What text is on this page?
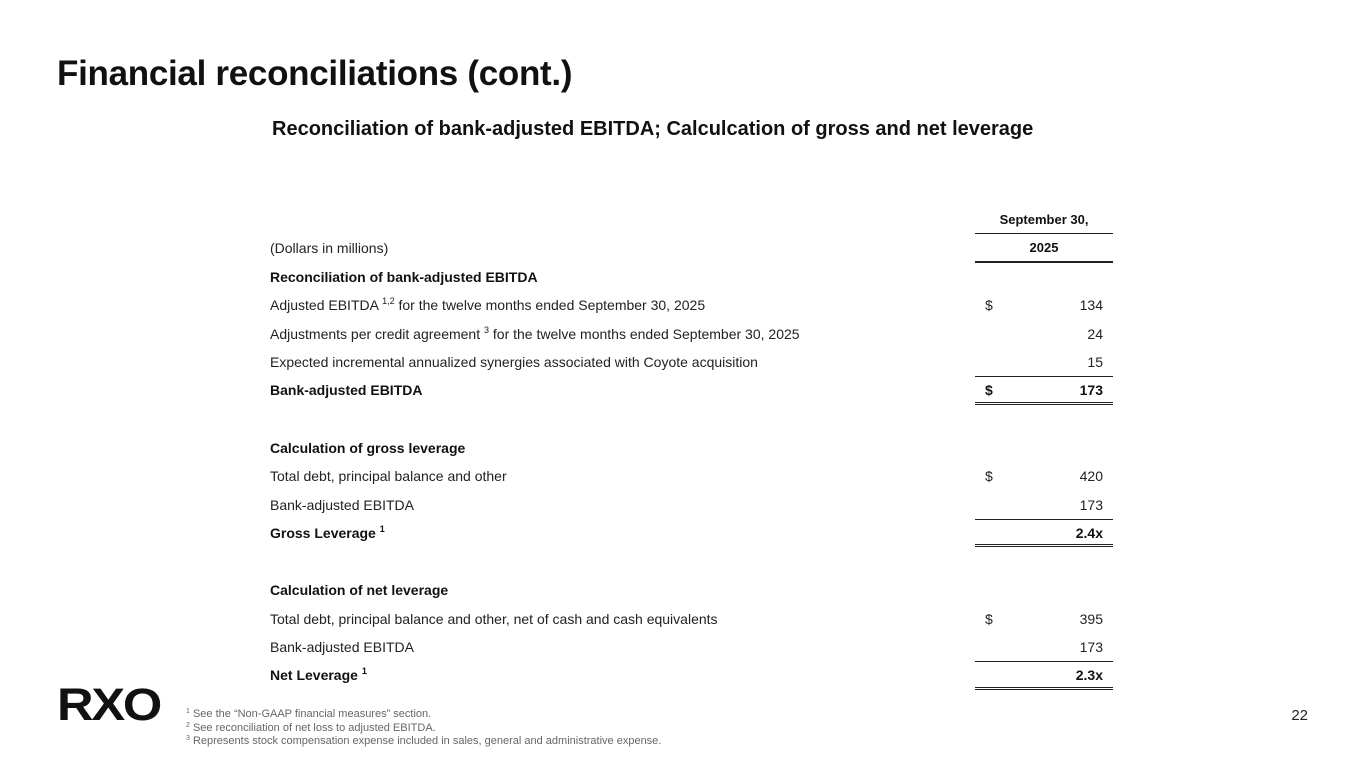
Financial reconciliations (cont.)
Reconciliation of bank-adjusted EBITDA; Calculcation of gross and net leverage
September 30,
(Dollars in millions)	2025
Reconciliation of bank-adjusted EBITDA
Adjusted EBITDA $^{1,2}$ for the twelve months ended September 30, 2025	$	134
Adjustments per credit agreement $^3$ for the twelve months ended September 30, 2025	24
Expected incremental annualized synergies associated with Coyote acquisition	15
Bank-adjusted EBITDA	$	173
Calculation of gross leverage
Total debt, principal balance and other	$	420
Bank-adjusted EBITDA	173
Gross Leverage $^1$	2.4x
Calculation of net leverage
Total debt, principal balance and other, net of cash and cash equivalents	$	395
Bank-adjusted EBITDA	173
Net Leverage $^1$	2.3x
RXO	$^1$ See the “Non-GAAP financial measures” section.
$^2$ See reconciliation of net loss to adjusted EBITDA.
$^3$ Represents stock compensation expense included in sales, general and administrative expense.
22
